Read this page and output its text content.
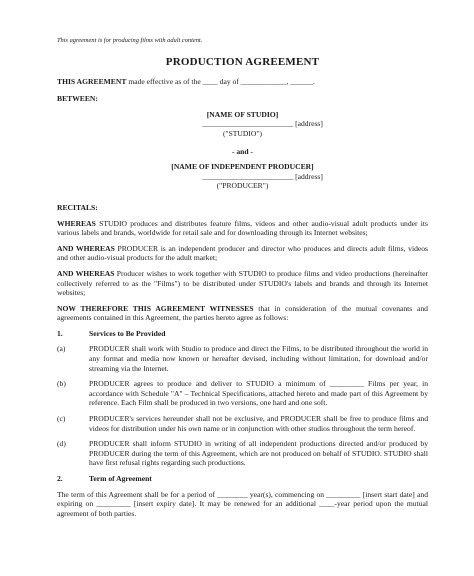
This agreement is for producing films with adult content.

PRODUCTION AGREEMENT

THIS AGREEMENT made effective as of the ____ day of ____________, ______.

BETWEEN:

[NAME OF STUDIO]

________________________ [address]

("STUDIO")

- and -

[NAME OF INDEPENDENT PRODUCER]

________________________ [address]

("PRODUCER")

RECITALS:

WHEREAS STUDIO produces and distributes feature films, videos and other audio-visual adult products under its various labels and brands, worldwide for retail sale and for downloading through its Internet websites;

AND WHEREAS PRODUCER is an independent producer and director who produces and directs adult films, videos and other audio-visual products for the adult market;

AND WHEREAS Producer wishes to work together with STUDIO to produce films and video productions (hereinafter collectively referred to as the "Films") to be distributed under STUDIO's labels and brands and through its Internet websites;

NOW THEREFORE THIS AGREEMENT WITNESSES that in consideration of the mutual covenants and agreements contained in this Agreement, the parties hereto agree as follows:

1.	Services to Be Provided
(a)	PRODUCER shall work with Studio to produce and direct the Films, to be distributed throughout the world in any format and media now known or hereafter devised, including without limitation, for download and/or streaming via the Internet.
(b)	PRODUCER agrees to produce and deliver to STUDIO a minimum of _________ Films per year, in accordance with Schedule "A" – Technical Specifications, attached hereto and made part of this Agreement by reference. Each Film shall be produced in two versions, one hard and one soft.
(c)	PRODUCER's services hereunder shall not be exclusive, and PRODUCER shall be free to produce films and videos for distribution under his own name or in conjunction with other studios throughout the term hereof.
(d)	PRODUCER shall inform STUDIO in writing of all independent productions directed and/or produced by PRODUCER during the term of this Agreement, which are not produced on behalf of STUDIO. STUDIO shall have first refusal rights regarding such productions.
2.	Term of Agreement

The term of this Agreement shall be for a period of ________ year(s), commencing on _________ [insert start date] and expiring on _________ [insert expiry date]. It may be renewed for an additional ____-year period upon the mutual agreement of both parties.
